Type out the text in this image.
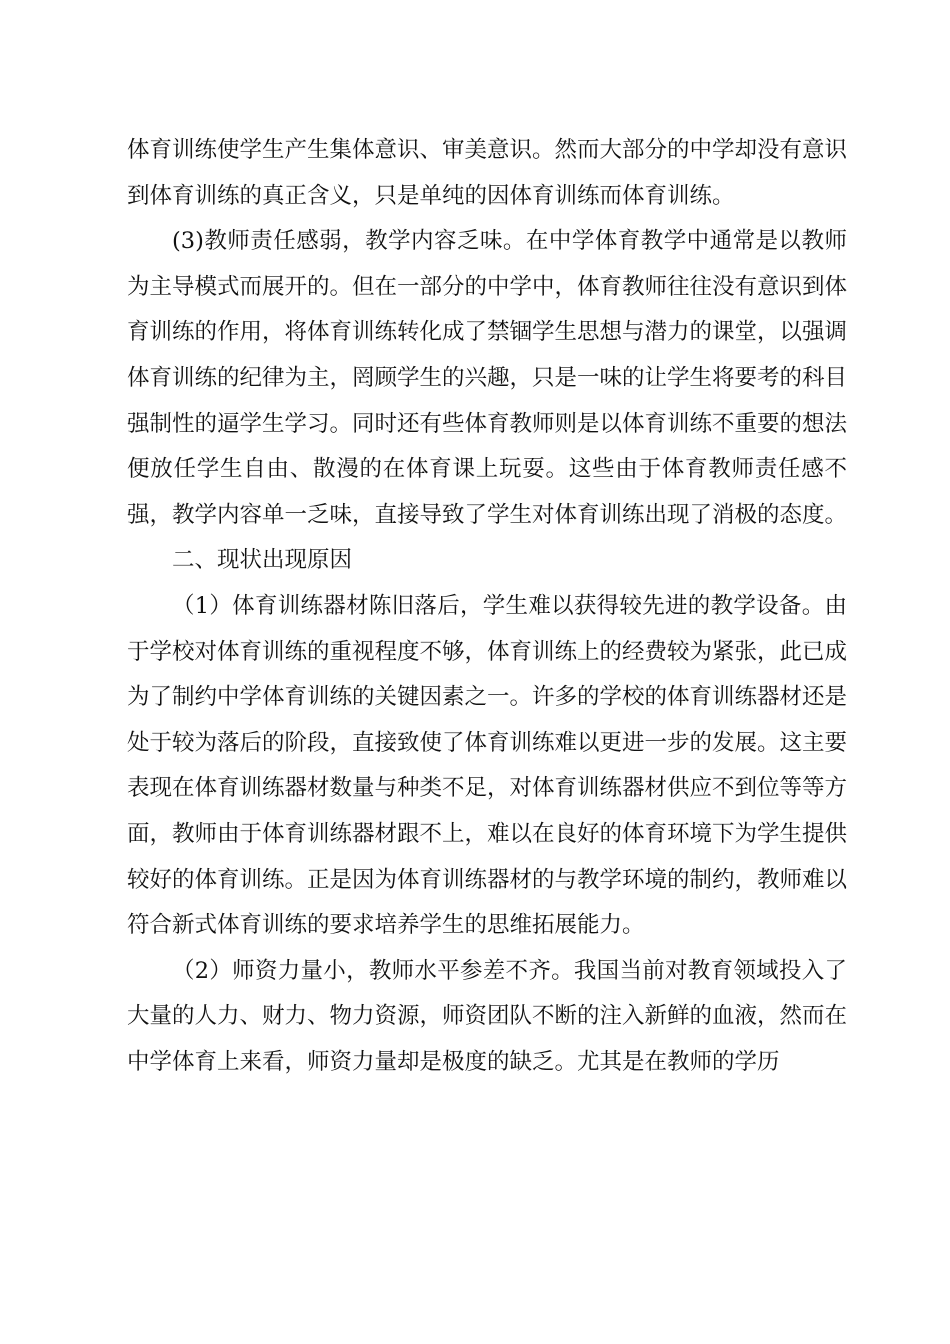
体育训练使学生产生集体意识、审美意识。然而大部分的中学却没有意识到体育训练的真正含义，只是单纯的因体育训练而体育训练。

(3)教师责任感弱，教学内容乏味。在中学体育教学中通常是以教师为主导模式而展开的。但在一部分的中学中，体育教师往往没有意识到体育训练的作用，将体育训练转化成了禁锢学生思想与潜力的课堂，以强调体育训练的纪律为主，罔顾学生的兴趣，只是一味的让学生将要考的科目强制性的逼学生学习。同时还有些体育教师则是以体育训练不重要的想法便放任学生自由、散漫的在体育课上玩耍。这些由于体育教师责任感不强，教学内容单一乏味，直接导致了学生对体育训练出现了消极的态度。

二、现状出现原因

（1）体育训练器材陈旧落后，学生难以获得较先进的教学设备。由于学校对体育训练的重视程度不够，体育训练上的经费较为紧张，此已成为了制约中学体育训练的关键因素之一。许多的学校的体育训练器材还是处于较为落后的阶段，直接致使了体育训练难以更进一步的发展。这主要表现在体育训练器材数量与种类不足，对体育训练器材供应不到位等等方面，教师由于体育训练器材跟不上，难以在良好的体育环境下为学生提供较好的体育训练。正是因为体育训练器材的与教学环境的制约，教师难以符合新式体育训练的要求培养学生的思维拓展能力。

（2）师资力量小，教师水平参差不齐。我国当前对教育领域投入了大量的人力、财力、物力资源，师资团队不断的注入新鲜的血液，然而在中学体育上来看，师资力量却是极度的缺乏。尤其是在教师的学历
